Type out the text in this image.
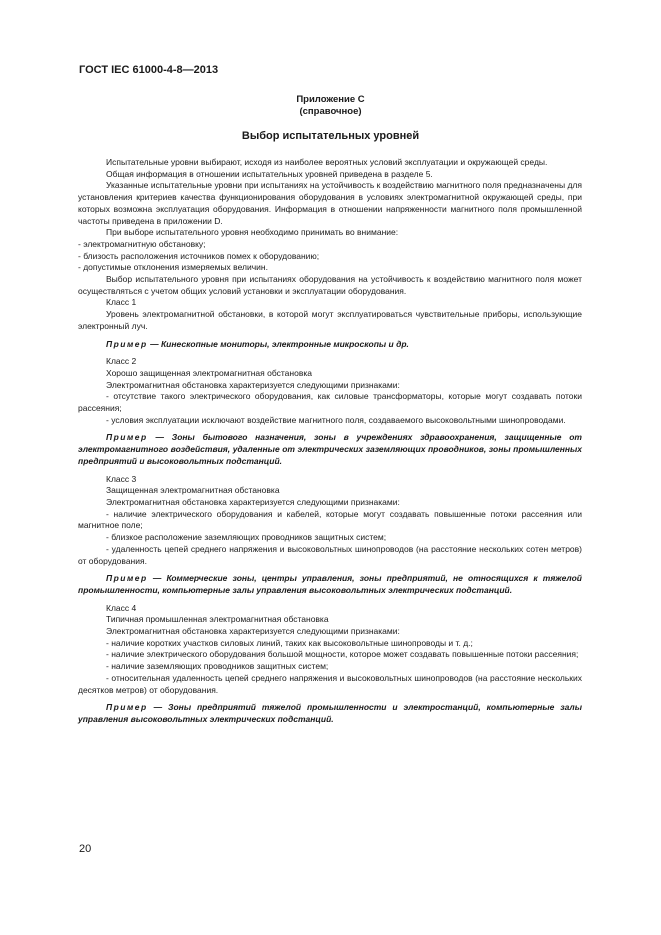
ГОСТ IEC 61000-4-8—2013
Приложение С
(справочное)
Выбор испытательных уровней

Испытательные уровни выбирают, исходя из наиболее вероятных условий эксплуатации и окружающей среды.

Общая информация в отношении испытательных уровней приведена в разделе 5.

Указанные испытательные уровни при испытаниях на устойчивость к воздействию магнитного поля предназначены для установления критериев качества функционирования оборудования в условиях электромагнитной окружающей среды, при которых возможна эксплуатация оборудования. Информация в отношении напряженности магнитного поля промышленной частоты приведена в приложении D.

При выборе испытательного уровня необходимо принимать во внимание:

- электромагнитную обстановку;

- близость расположения источников помех к оборудованию;

- допустимые отклонения измеряемых величин.

Выбор испытательного уровня при испытаниях оборудования на устойчивость к воздействию магнитного поля может осуществляться с учетом общих условий установки и эксплуатации оборудования.

Класс 1

Уровень электромагнитной обстановки, в которой могут эксплуатироваться чувствительные приборы, использующие электронный луч.

Пример — Кинескопные мониторы, электронные микроскопы и др.

Класс 2

Хорошо защищенная электромагнитная обстановка

Электромагнитная обстановка характеризуется следующими признаками:

- отсутствие такого электрического оборудования, как силовые трансформаторы, которые могут создавать потоки рассеяния;

- условия эксплуатации исключают воздействие магнитного поля, создаваемого высоковольтными шинопроводами.

Пример — Зоны бытового назначения, зоны в учреждениях здравоохранения, защищенные от электромагнитного воздействия, удаленные от электрических заземляющих проводников, зоны промышленных предприятий и высоковольтных подстанций.

Класс 3

Защищенная электромагнитная обстановка

Электромагнитная обстановка характеризуется следующими признаками:

- наличие электрического оборудования и кабелей, которые могут создавать повышенные потоки рассеяния или магнитное поле;

- близкое расположение заземляющих проводников защитных систем;

- удаленность цепей среднего напряжения и высоковольтных шинопроводов (на расстояние нескольких сотен метров) от оборудования.

Пример — Коммерческие зоны, центры управления, зоны предприятий, не относящихся к тяжелой промышленности, компьютерные залы управления высоковольтных электрических подстанций.

Класс 4

Типичная промышленная электромагнитная обстановка

Электромагнитная обстановка характеризуется следующими признаками:

- наличие коротких участков силовых линий, таких как высоковольтные шинопроводы и т. д.;

- наличие электрического оборудования большой мощности, которое может создавать повышенные потоки рассеяния;

- наличие заземляющих проводников защитных систем;

- относительная удаленность цепей среднего напряжения и высоковольтных шинопроводов (на расстояние нескольких десятков метров) от оборудования.

Пример — Зоны предприятий тяжелой промышленности и электростанций, компьютерные залы управления высоковольтных электрических подстанций.

20
